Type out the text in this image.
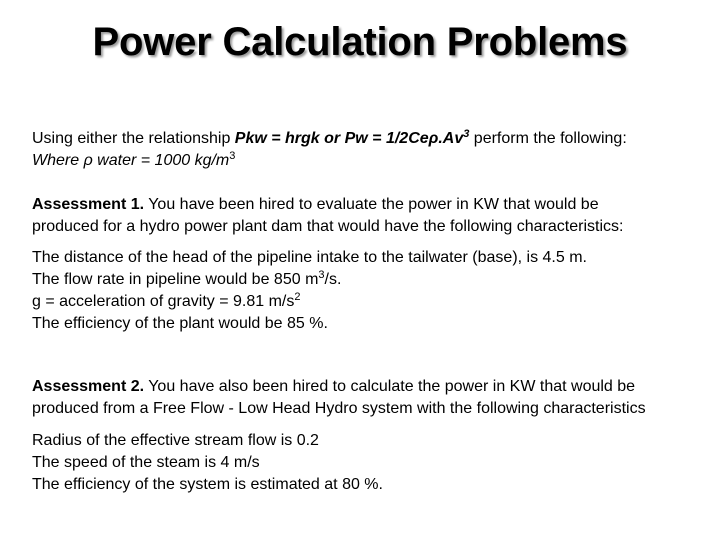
Power Calculation Problems
Using either the relationship Pkw = hrgk or $Pw = 1/2Ce\rho.Av^3$ perform the following:
Where ρ water = 1000 $kg/m^3$
Assessment 1. You have been hired to evaluate the power in KW that would be
produced for a hydro power plant dam that would have the following characteristics:
The distance of the head of the pipeline intake to the tailwater (base), is 4.5 m.
The flow rate in pipeline would be 850 $m^3/s$.
g = acceleration of gravity = 9.81 $m/s^2$
The efficiency of the plant would be 85 %.
Assessment 2. You have also been hired to calculate the power in KW that would be
produced from a Free Flow - Low Head Hydro system with the following characteristics
Radius of the effective stream flow is 0.2
The speed of the steam is 4 m/s
The efficiency of the system is estimated at 80 %.
